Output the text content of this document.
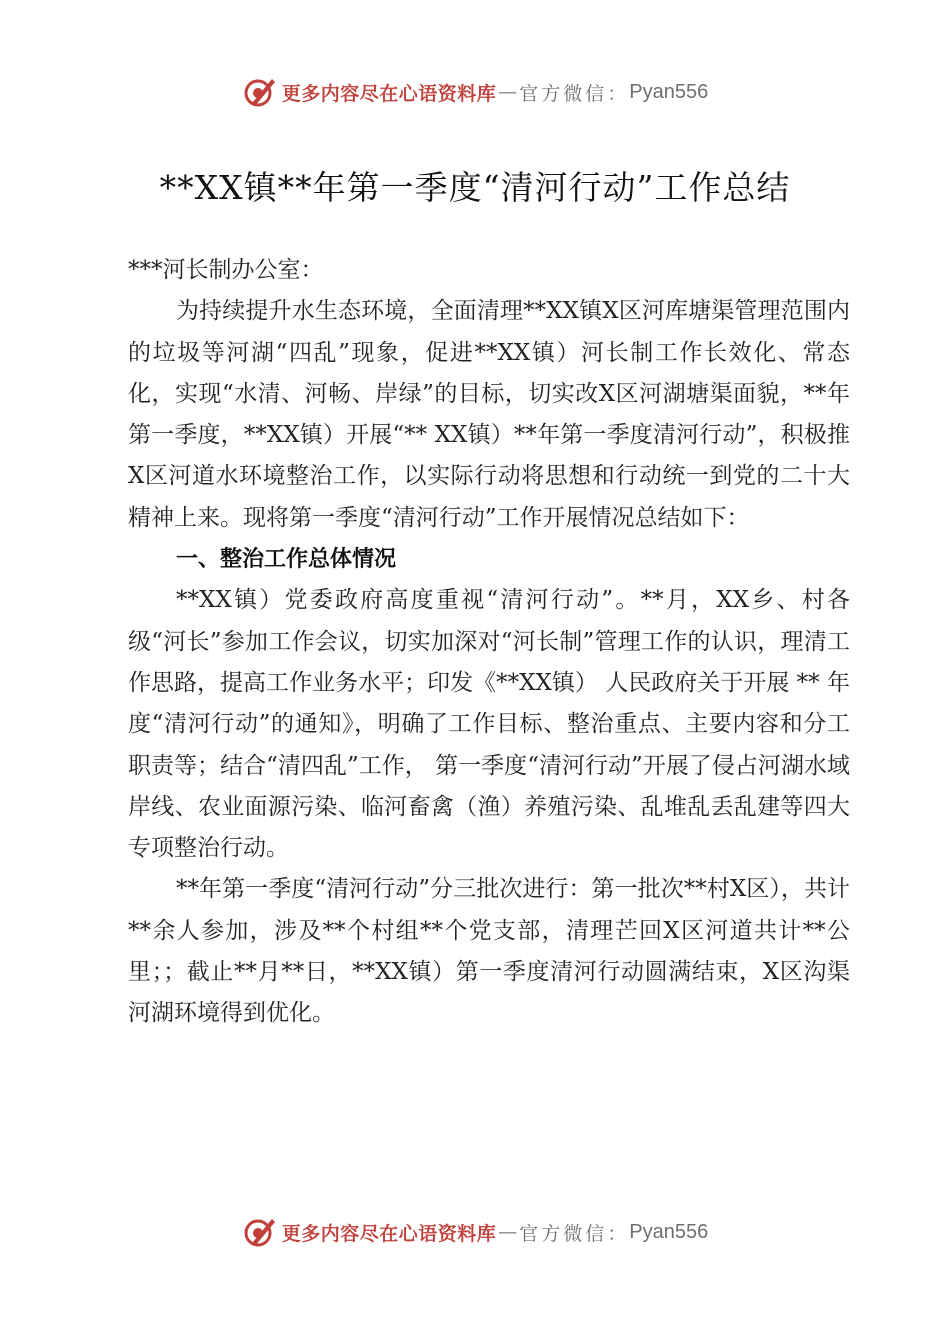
更多内容尽在心语资料库 — 官方微信： Pyan556
**XX镇**年第一季度“清河行动”工作总结

***河长制办公室：

为持续提升水生态环境，全面清理**XX镇X区河库塘渠管理范围内的垃圾等河湖“四乱”现象，促进**XX镇）河长制工作长效化、常态化，实现“水清、河畅、岸绿”的目标，切实改X区河湖塘渠面貌，**年第一季度，**XX镇）开展“** XX镇）**年第一季度清河行动”，积极推X区河道水环境整治工作，以实际行动将思想和行动统一到党的二十大精神上来。现将第一季度“清河行动”工作开展情况总结如下：

一、整治工作总体情况

**XX镇）党委政府高度重视“清河行动”。**月，XX乡、村各级“河长”参加工作会议，切实加深对“河长制”管理工作的认识，理清工作思路，提高工作业务水平；印发《**XX镇） 人民政府关于开展 ** 年度“清河行动”的通知》，明确了工作目标、整治重点、主要内容和分工职责等；结合“清四乱”工作， 第一季度“清河行动”开展了侵占河湖水域岸线、农业面源污染、临河畜禽（渔）养殖污染、乱堆乱丢乱建等四大专项整治行动。

**年第一季度“清河行动”分三批次进行：第一批次**村X区），共计**余人参加，涉及**个村组**个党支部，清理芒回X区河道共计**公里；；截止**月**日，**XX镇）第一季度清河行动圆满结束，X区沟渠河湖环境得到优化。

更多内容尽在心语资料库 — 官方微信： Pyan556
